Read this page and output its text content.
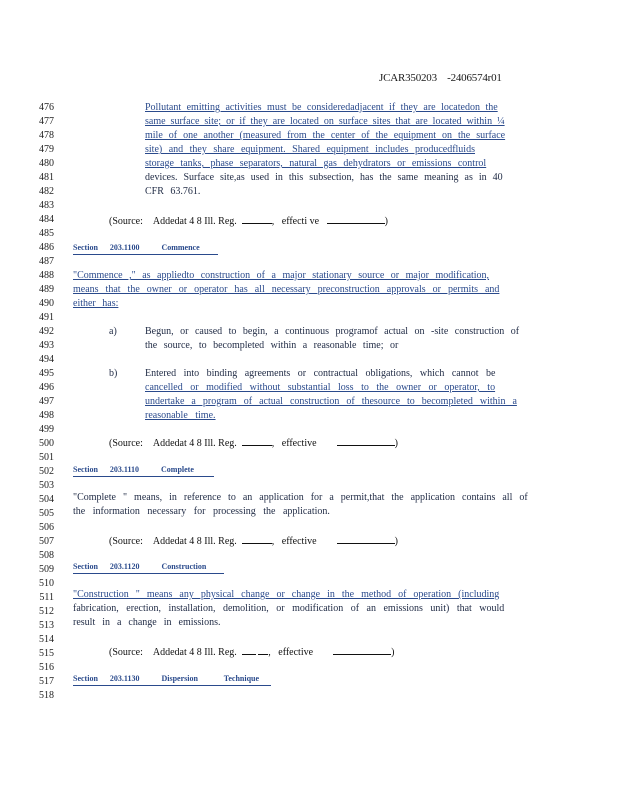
JCAR350203 -2406574r01
476
477
478
479
480
481
482
483
484
485
486
487
488
489
490
491
492
493
494
495
496
497
498
499
500
501
502
503
504
505
506
507
508
509
510
511
512
513
514
515
516
517
518
Pollutant emitting activities must be consideredadjacent if they are locatedon the
same surface site; or if they are located on surface sites that are located within ¼
mile of one another (measured from the center of the equipment on the surface
site) and they share equipment. Shared equipment includes producedfluids
storage tanks, phase separators, natural gas dehydrators or emissions control
devices. Surface site,as used in this subsection, has the same meaning as in 40
CFR 63.761.
(Source: Addedat 4 8 Ill. Reg.	, effecti ve	)
Section 203.1100	Commence
"Commence ," as appliedto construction of a major stationary source or major modification,
means that the owner or operator has all necessary preconstruction approvals or permits and
either has:
a)	Begun, or caused to begin, a continuous programof actual on -site construction of
the source, to becompleted within a reasonable time; or
b)	Entered into binding agreements or contractual obligations, which cannot be
cancelled or modified without substantial loss to the owner or operator, to
undertake a program of actual construction of thesource to becompleted within a
reasonable time.
(Source: Addedat 4 8 Ill. Reg.	, effective	)
Section 203.1110	Complete
"Complete " means, in reference to an application for a permit,that the application contains all of
the information necessary for processing the application.
(Source: Addedat 4 8 Ill. Reg.	, effective	)
Section 203.1120	Construction
"Construction " means any physical change or change in the method of operation (including
fabrication, erection, installation, demolition, or modification of an emissions unit) that would
result in a change in emissions.
(Source: Addedat 4 8 Ill. Reg.	, effective	)
Section 203.1130	Dispersion Technique
